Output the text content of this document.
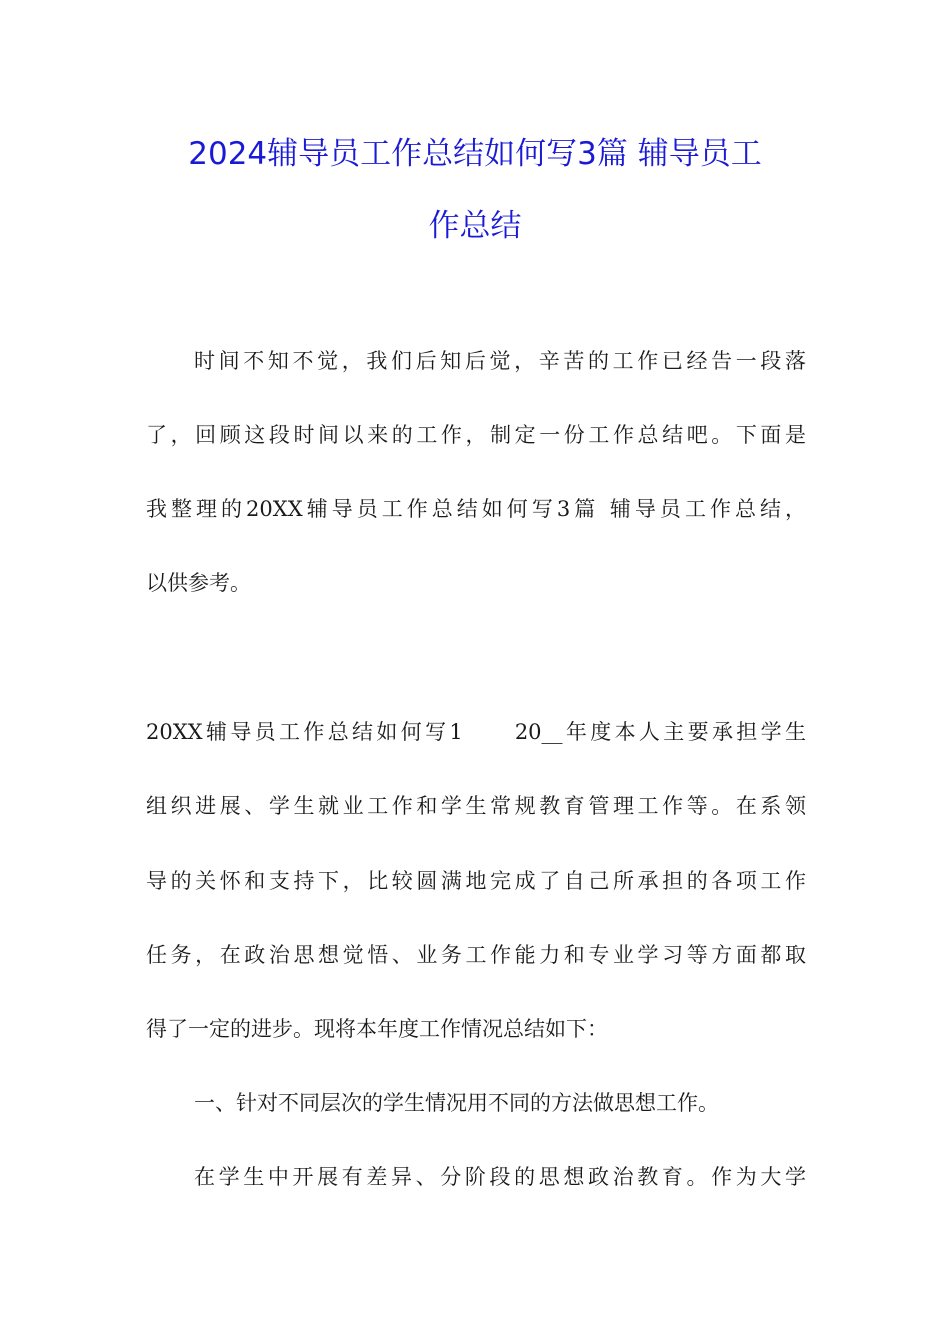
2024辅导员工作总结如何写3篇 辅导员工
作总结

时间不知不觉，我们后知后觉，辛苦的工作已经告一段落

了，回顾这段时间以来的工作，制定一份工作总结吧。下面是

我整理的20XX辅导员工作总结如何写3篇 辅导员工作总结，

以供参考。

20XX辅导员工作总结如何写1　　20__年度本人主要承担学生

组织进展、学生就业工作和学生常规教育管理工作等。在系领

导的关怀和支持下，比较圆满地完成了自己所承担的各项工作

任务，在政治思想觉悟、业务工作能力和专业学习等方面都取

得了一定的进步。现将本年度工作情况总结如下：

一、针对不同层次的学生情况用不同的方法做思想工作。

在学生中开展有差异、分阶段的思想政治教育。作为大学
